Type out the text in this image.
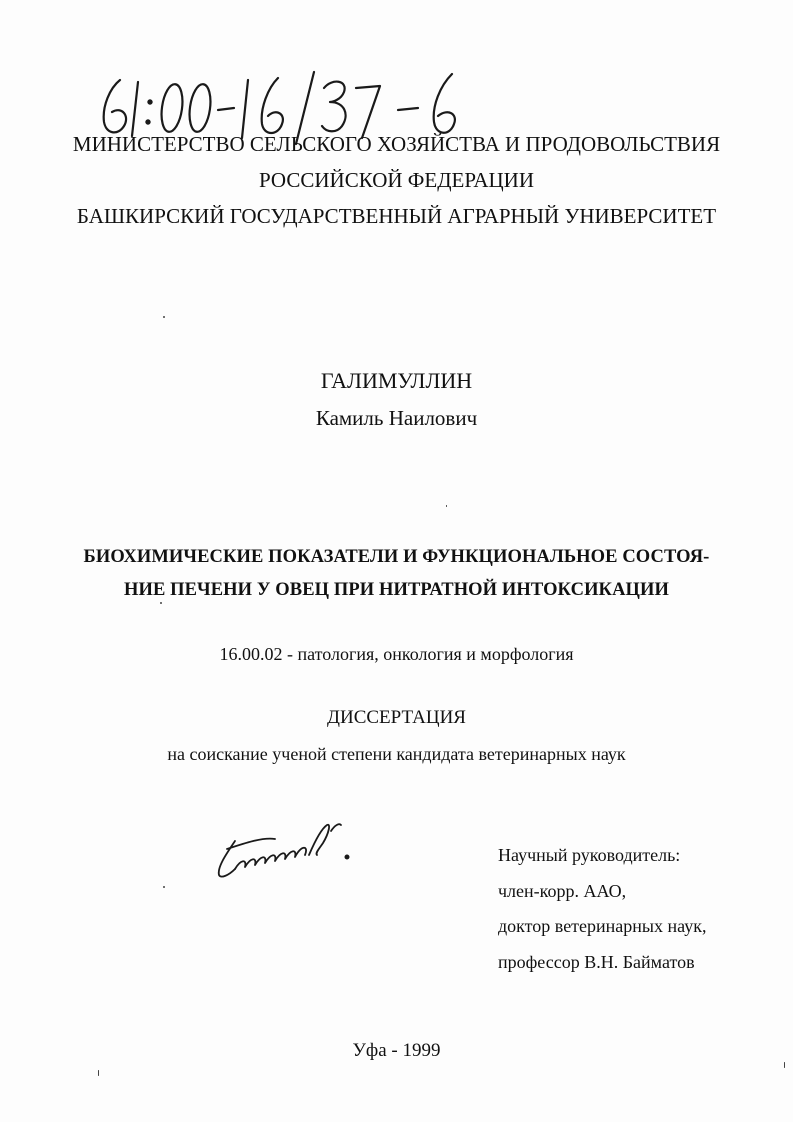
МИНИСТЕРСТВО СЕЛЬСКОГО ХОЗЯЙСТВА И ПРОДОВОЛЬСТВИЯ
РОССИЙСКОЙ ФЕДЕРАЦИИ
БАШКИРСКИЙ ГОСУДАРСТВЕННЫЙ АГРАРНЫЙ УНИВЕРСИТЕТ
ГАЛИМУЛЛИН
Камиль Наилович
БИОХИМИЧЕСКИЕ ПОКАЗАТЕЛИ И ФУНКЦИОНАЛЬНОЕ СОСТОЯ-
НИЕ ПЕЧЕНИ У ОВЕЦ ПРИ НИТРАТНОЙ ИНТОКСИКАЦИИ
16.00.02 - патология, онкология и морфология
ДИССЕРТАЦИЯ
на соискание ученой степени кандидата ветеринарных наук
Научный руководитель:
член-корр. ААО,
доктор ветеринарных наук,
профессор В.Н. Байматов
Уфа - 1999
